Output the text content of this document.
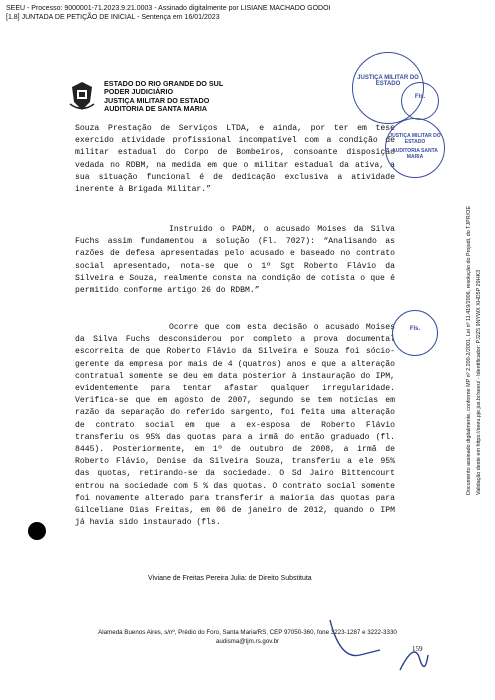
SEEU - Processo: 9000001-71.2023.9.21.0003 - Assinado digitalmente por LISIANE MACHADO GODOI
[1.8] JUNTADA DE PETIÇÃO DE INICIAL - Sentença em 16/01/2023
ESTADO DO RIO GRANDE DO SUL
PODER JUDICIÁRIO
JUSTIÇA MILITAR DO ESTADO
AUDITORIA DE SANTA MARIA

Souza Prestação de Serviços LTDA, e ainda, por ter em tese exercido atividade profissional incompatível com a condição de militar estadual do Corpo de Bombeiros, consoante disposição vedada no RDBM, na medida em que o militar estadual da ativa, a sua situação funcional é de dedicação exclusiva a atividade inerente à Brigada Militar.”

Instruido o PADM, o acusado Moises da Silva Fuchs assim fundamentou a solução (Fl. 7027): “Analisando as razões de defesa apresentadas pelo acusado e baseado no contrato social apresentado, nota-se que o 1º Sgt Roberto Flávio da Silveira e Souza, realmente consta na condição de cotista o que é permitido conforme artigo 26 do RDBM.”

Ocorre que com esta decisão o acusado Moises da Silva Fuchs desconsiderou por completo a prova documental escorreita de que Roberto Flávio da Silveira e Souza foi sócio-gerente da empresa por mais de 4 (quatros) anos e que a alteração contratual somente se deu em data posterior à instauração do IPM, evidentemente para tentar afastar qualquer irregularidade. Verifica-se que em agosto de 2007, segundo se tem notícias em razão da separação do referido sargento, foi feita uma alteração de contrato social em que a ex-esposa de Roberto Flávio transferiu os 95% das quotas para a irmã do então graduado (fl. 8445). Posteriormente, em 1º de outubro de 2008, a irmã de Roberto Flávio, Denise da Silveira Souza, transferiu a ele 95% das quotas, retirando-se da sociedade. O Sd Jairo Bittencourt entrou na sociedade com 5 % das quotas. O contrato social somente foi novamente alterado para transferir a maioria das quotas para Gilceliane Dias Freitas, em 06 de janeiro de 2012, quando o IPM já havia sido instaurado (fls.

Viviane de Freitas Pereira Julia: de Direito Substituta
Alameda Buenos Aires, s/nº, Prédio do Foro, Santa Maria/RS, CEP 97050-360, fone 3223-1287 e 3222-3330
audisma@tjm.rs.gov.br
159
Documento assinado digitalmente, conforme MP nº 2.200-2/2001, Lei nº 11.419/2006, resolução do Projudi, do TJPR/OE Validação deste em https://seeu.pje.jus.br/seeu/ - Identificador: PJ2Z5 9NYWX XHD5P 29HK3
JUSTIÇA MILITAR DO ESTADO
JUSTIÇA MILITAR DO ESTADO
AUDITORIA SANTA MARIA
Fls.
Fls.
